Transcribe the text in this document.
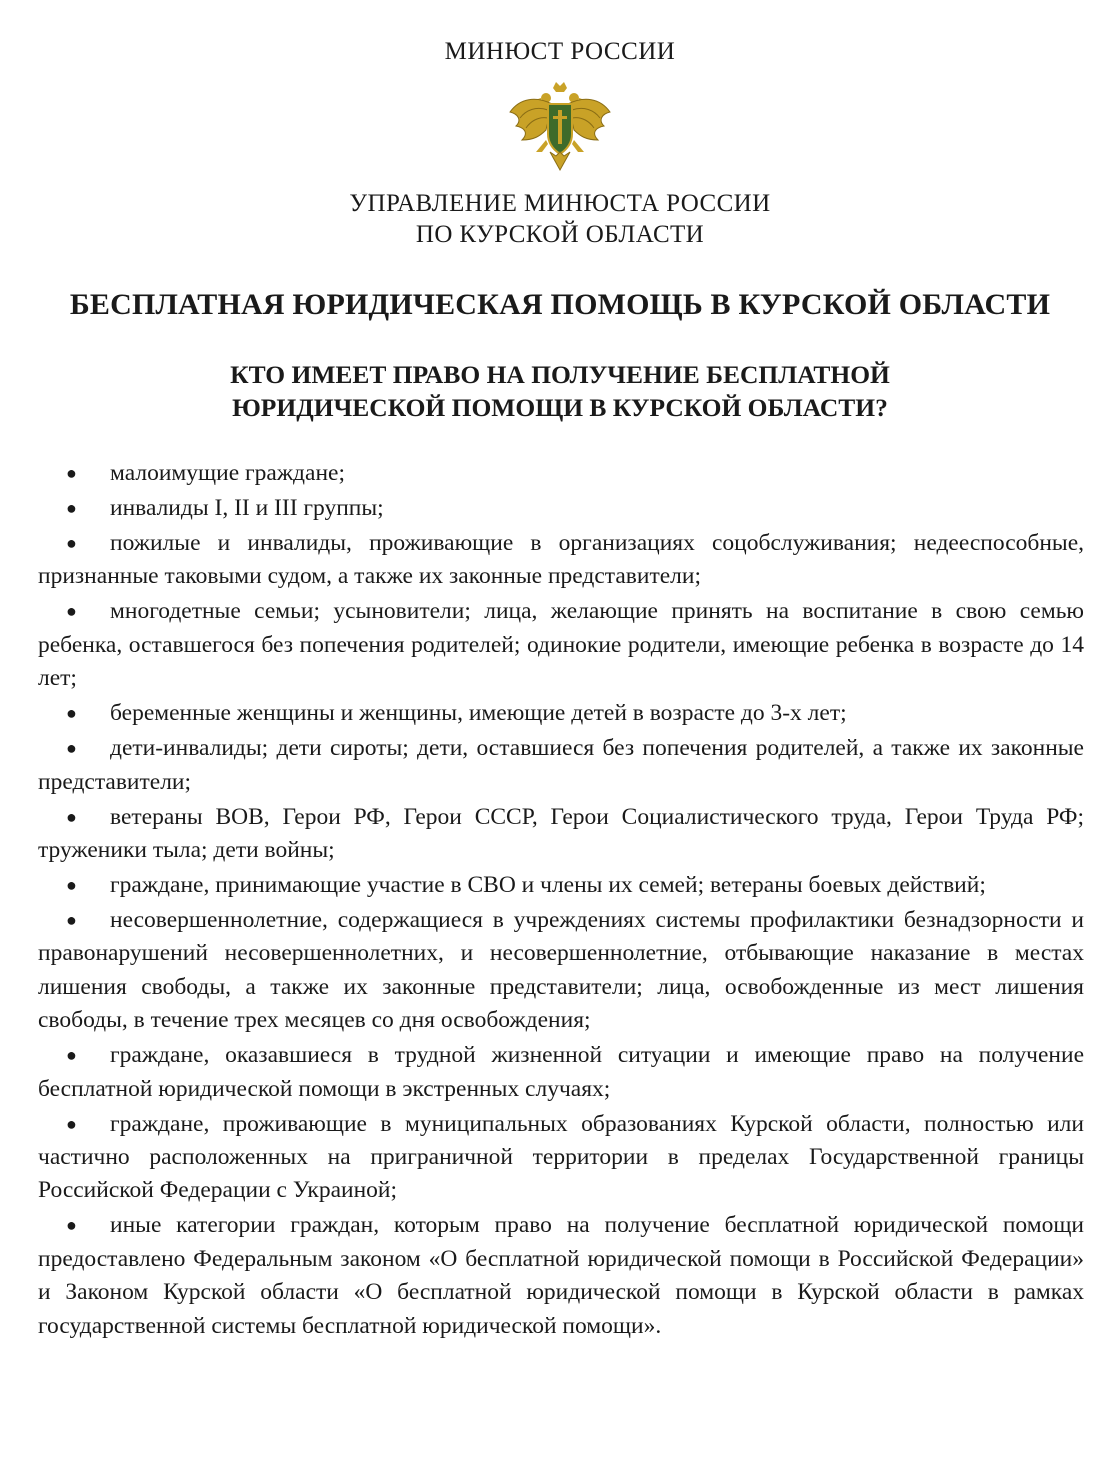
МИНЮСТ РОССИИ
УПРАВЛЕНИЕ МИНЮСТА РОССИИ
ПО КУРСКОЙ ОБЛАСТИ
БЕСПЛАТНАЯ ЮРИДИЧЕСКАЯ ПОМОЩЬ В КУРСКОЙ ОБЛАСТИ
КТО ИМЕЕТ ПРАВО НА ПОЛУЧЕНИЕ БЕСПЛАТНОЙ
ЮРИДИЧЕСКОЙ ПОМОЩИ В КУРСКОЙ ОБЛАСТИ?
●малоимущие граждане;
●инвалиды I, II и III группы;
●пожилые и инвалиды, проживающие в организациях соцобслуживания; недееспособные, признанные таковыми судом, а также их законные представители;
●многодетные семьи; усыновители; лица, желающие принять на воспитание в свою семью ребенка, оставшегося без попечения родителей; одинокие родители, имеющие ребенка в возрасте до 14 лет;
●беременные женщины и женщины, имеющие детей в возрасте до 3-х лет;
●дети-инвалиды; дети сироты; дети, оставшиеся без попечения родителей, а также их законные представители;
●ветераны ВОВ, Герои РФ, Герои СССР, Герои Социалистического труда, Герои Труда РФ; труженики тыла; дети войны;
●граждане, принимающие участие в СВО и члены их семей; ветераны боевых действий;
●несовершеннолетние, содержащиеся в учреждениях системы профилактики безнадзорности и правонарушений несовершеннолетних, и несовершеннолетние, отбывающие наказание в местах лишения свободы, а также их законные представители; лица, освобожденные из мест лишения свободы, в течение трех месяцев со дня освобождения;
●граждане, оказавшиеся в трудной жизненной ситуации и имеющие право на получение бесплатной юридической помощи в экстренных случаях;
●граждане, проживающие в муниципальных образованиях Курской области, полностью или частично расположенных на приграничной территории в пределах Государственной границы Российской Федерации с Украиной;
●иные категории граждан, которым право на получение бесплатной юридической помощи предоставлено Федеральным законом «О бесплатной юридической помощи в Российской Федерации» и Законом Курской области «О бесплатной юридической помощи в Курской области в рамках государственной системы бесплатной юридической помощи».
